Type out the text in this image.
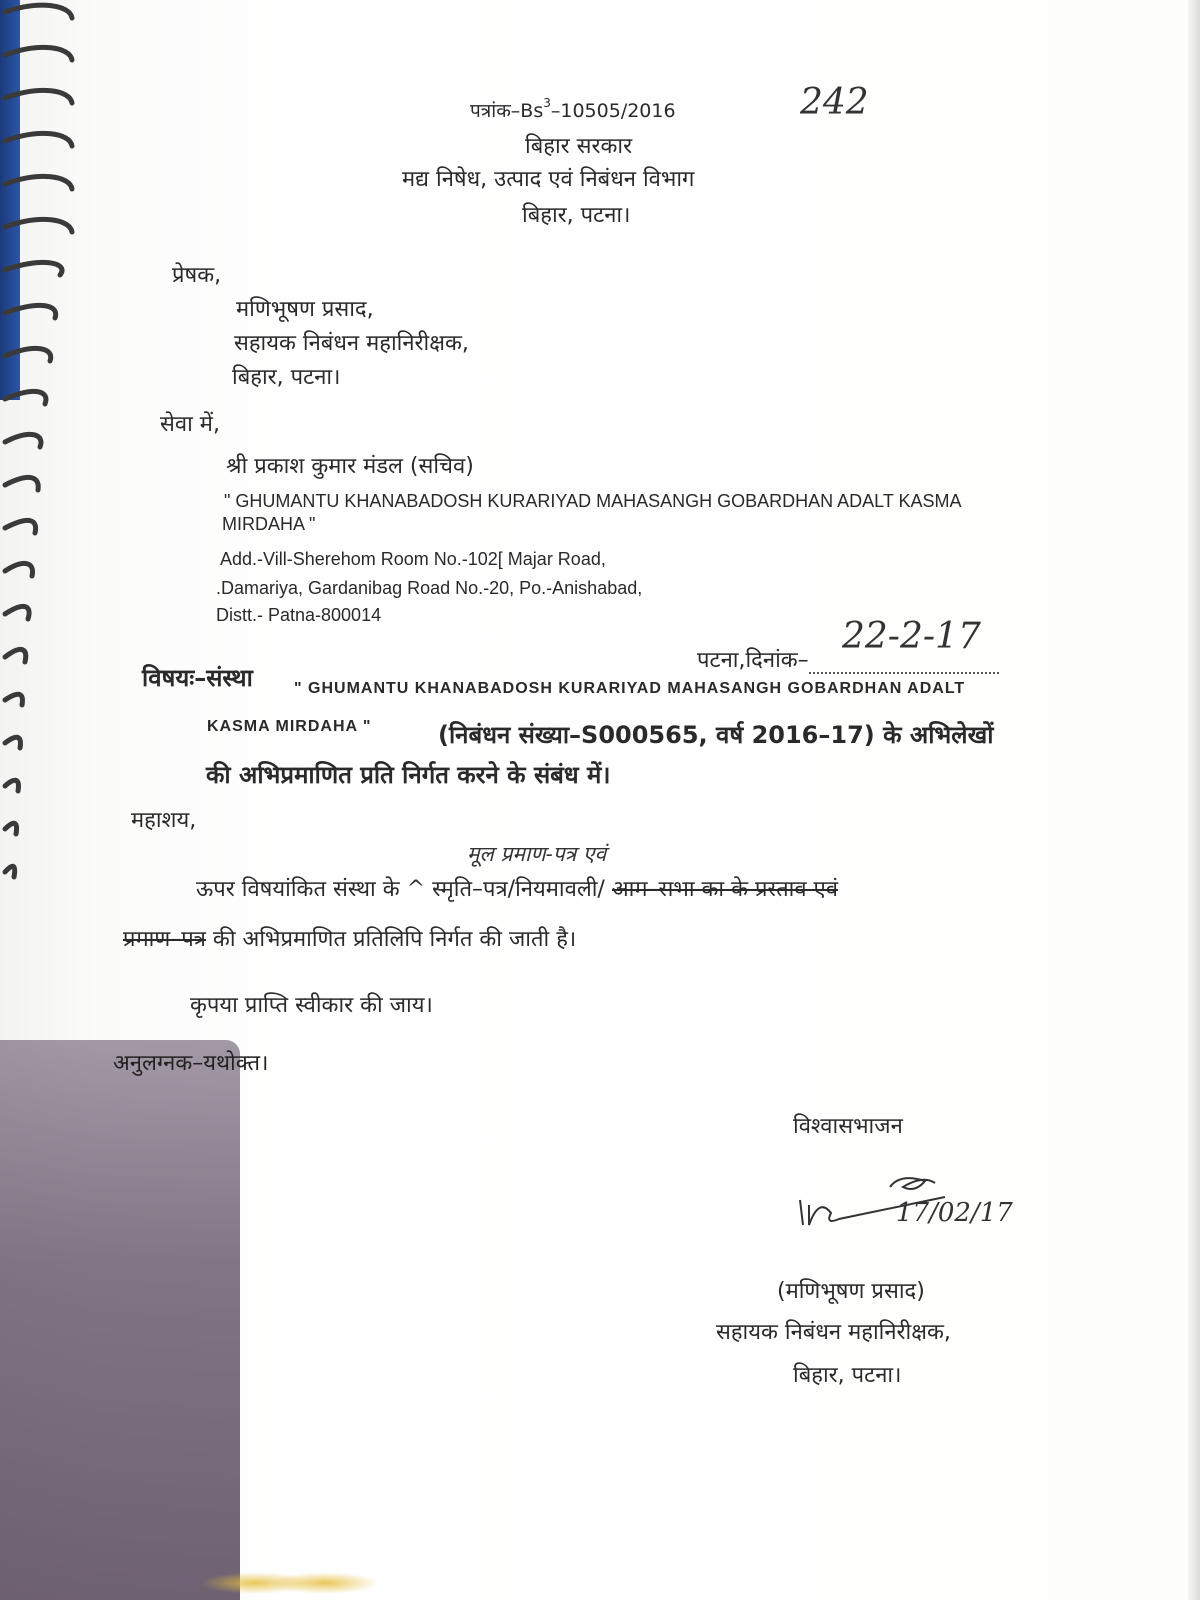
पत्रांक–Bs$^3$–10505/2016	242
बिहार सरकार
मद्य निषेध, उत्पाद एवं निबंधन विभाग
बिहार, पटना।
प्रेषक,
मणिभूषण प्रसाद,
सहायक निबंधन महानिरीक्षक,
बिहार, पटना।
सेवा में,
श्री प्रकाश कुमार मंडल (सचिव)
" GHUMANTU KHANABADOSH KURARIYAD MAHASANGH GOBARDHAN ADALT KASMA
MIRDAHA "
Add.-Vill-Sherehom Room No.-102[ Majar Road,
.Damariya, Gardanibag Road No.-20, Po.-Anishabad,
Distt.- Patna-800014
पटना,दिनांक–
22-2-17
विषयः–संस्था	" GHUMANTU KHANABADOSH KURARIYAD MAHASANGH GOBARDHAN ADALT
KASMA MIRDAHA "	(निबंधन संख्या–S000565, वर्ष 2016–17) के अभिलेखों
की अभिप्रमाणित प्रति निर्गत करने के संबंध में।
महाशय,
मूल प्रमाण-पत्र एवं
ऊपर विषयांकित संस्था के ^ स्मृति–पत्र/नियमावली/ आम–सभा का के प्रस्ताव एवं
प्रमाण–पत्र की अभिप्रमाणित प्रतिलिपि निर्गत की जाती है।
कृपया प्राप्ति स्वीकार की जाय।
अनुलग्नक–यथोक्त।
विश्वासभाजन
17/02/17
(मणिभूषण प्रसाद)
सहायक निबंधन महानिरीक्षक,
बिहार, पटना।
